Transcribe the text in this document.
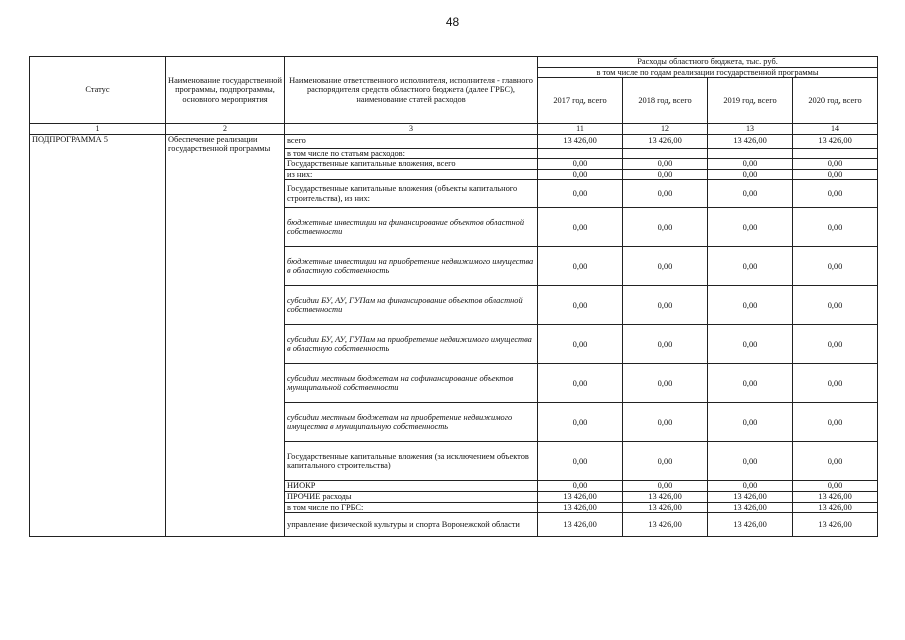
48
Статус	Наименование государственной программы, подпрограммы, основного мероприятия	Наименование ответственного исполнителя, исполнителя - главного распорядителя средств областного бюджета (далее ГРБС), наименование статей расходов	Расходы областного бюджета, тыс. руб.			
			в том числе по годам реализации государственной программы			
			2017 год, всего	2018 год, всего	2019 год, всего	2020 год, всего
1	2	3	11	12	13	14
ПОДПРОГРАММА 5	Обеспечение реализации государственной программы	всего	13 426,00	13 426,00	13 426,00	13 426,00
		в том числе по статьям расходов:				
		Государственные капитальные вложения, всего	0,00	0,00	0,00	0,00
		из них:	0,00	0,00	0,00	0,00
		Государственные капитальные вложения (объекты капитального строительства), из них:	0,00	0,00	0,00	0,00
		бюджетные инвестиции на финансирование объектов областной собственности	0,00	0,00	0,00	0,00
		бюджетные инвестиции на приобретение недвижимого имущества в областную собственность	0,00	0,00	0,00	0,00
		субсидии БУ, АУ, ГУПам на финансирование объектов областной собственности	0,00	0,00	0,00	0,00
		субсидии БУ, АУ, ГУПам на приобретение недвижимого имущества в областную собственность	0,00	0,00	0,00	0,00
		субсидии местным бюджетам на софинансирование объектов муниципальной собственности	0,00	0,00	0,00	0,00
		субсидии местным бюджетам на приобретение недвижимого имущества в муниципальную собственность	0,00	0,00	0,00	0,00
		Государственные капитальные вложения (за исключением объектов капитального строительства)	0,00	0,00	0,00	0,00
		НИОКР	0,00	0,00	0,00	0,00
		ПРОЧИЕ расходы	13 426,00	13 426,00	13 426,00	13 426,00
		в том числе по ГРБС:	13 426,00	13 426,00	13 426,00	13 426,00
		управление физической культуры и спорта Воронежской области	13 426,00	13 426,00	13 426,00	13 426,00
